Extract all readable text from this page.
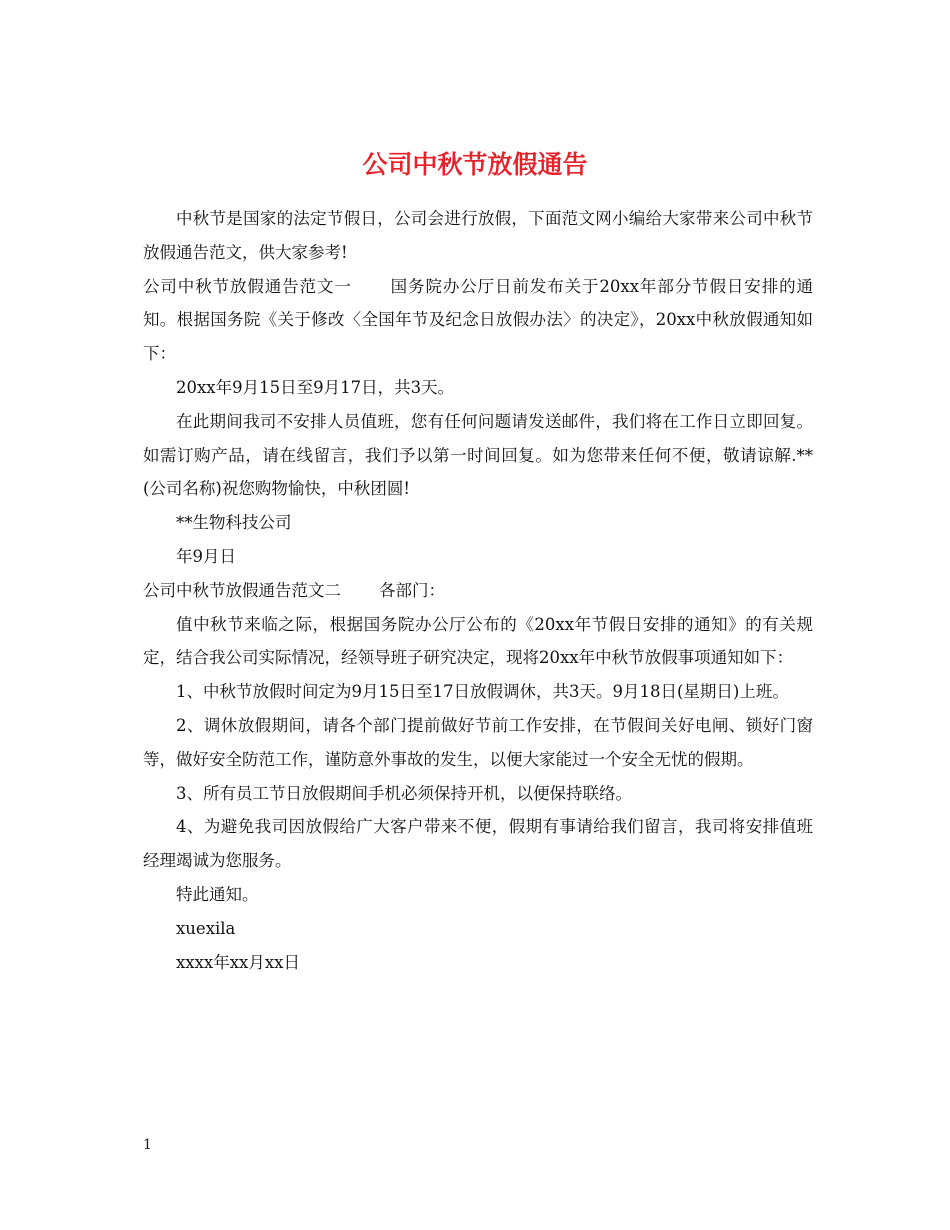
公司中秋节放假通告

中秋节是国家的法定节假日，公司会进行放假，下面范文网小编给大家带来公司中秋节放假通告范文，供大家参考!

公司中秋节放假通告范文一 国务院办公厅日前发布关于20xx年部分节假日安排的通知。根据国务院《关于修改〈全国年节及纪念日放假办法〉的决定》，20xx中秋放假通知如下：

20xx年9月15日至9月17日，共3天。

在此期间我司不安排人员值班，您有任何问题请发送邮件，我们将在工作日立即回复。如需订购产品，请在线留言，我们予以第一时间回复。如为您带来任何不便，敬请谅解.**(公司名称)祝您购物愉快，中秋团圆!

**生物科技公司

年9月日

公司中秋节放假通告范文二 各部门：

值中秋节来临之际，根据国务院办公厅公布的《20xx年节假日安排的通知》的有关规定，结合我公司实际情况，经领导班子研究决定，现将20xx年中秋节放假事项通知如下：

1、中秋节放假时间定为9月15日至17日放假调休，共3天。9月18日(星期日)上班。

2、调休放假期间，请各个部门提前做好节前工作安排，在节假间关好电闸、锁好门窗等，做好安全防范工作，谨防意外事故的发生，以便大家能过一个安全无忧的假期。

3、所有员工节日放假期间手机必须保持开机，以便保持联络。

4、为避免我司因放假给广大客户带来不便，假期有事请给我们留言，我司将安排值班经理竭诚为您服务。

特此通知。

xuexila

xxxx年xx月xx日

1
